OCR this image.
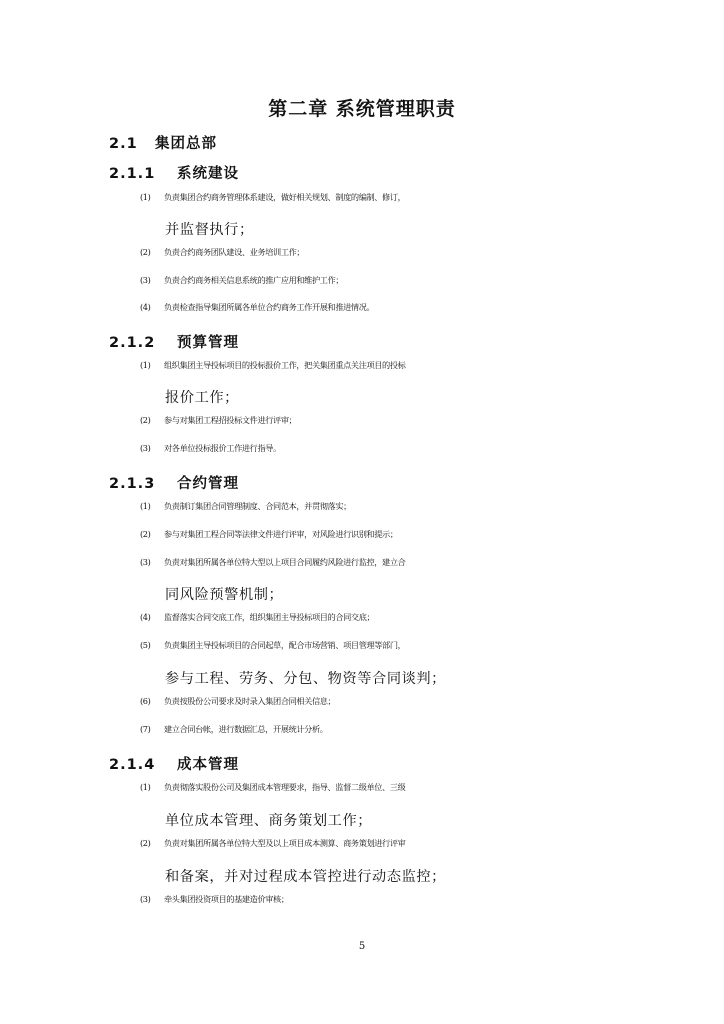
第二章 系统管理职责
2.1 集团总部
2.1.1 系统建设
(1) 负责集团合约商务管理体系建设，做好相关规划、制度的编制、修订，
并监督执行；
(2) 负责合约商务团队建设、业务培训工作；
(3) 负责合约商务相关信息系统的推广应用和维护工作；
(4) 负责检查指导集团所属各单位合约商务工作开展和推进情况。
2.1.2 预算管理
(1) 组织集团主导投标项目的投标报价工作，把关集团重点关注项目的投标
报价工作；
(2) 参与对集团工程招投标文件进行评审；
(3) 对各单位投标报价工作进行指导。
2.1.3 合约管理
(1) 负责制订集团合同管理制度、合同范本，并贯彻落实；
(2) 参与对集团工程合同等法律文件进行评审，对风险进行识别和提示；
(3) 负责对集团所属各单位特大型以上项目合同履约风险进行监控，建立合
同风险预警机制；
(4) 监督落实合同交底工作，组织集团主导投标项目的合同交底；
(5) 负责集团主导投标项目的合同起草，配合市场营销、项目管理等部门，
参与工程、劳务、分包、物资等合同谈判；
(6) 负责按股份公司要求及时录入集团合同相关信息；
(7) 建立合同台帐，进行数据汇总，开展统计分析。
2.1.4 成本管理
(1) 负责彻落实股份公司及集团成本管理要求，指导、监督二级单位、三级
单位成本管理、商务策划工作；
(2) 负责对集团所属各单位特大型及以上项目成本测算、商务策划进行评审
和备案，并对过程成本管控进行动态监控；
(3) 牵头集团投资项目的基建造价审核；
5
